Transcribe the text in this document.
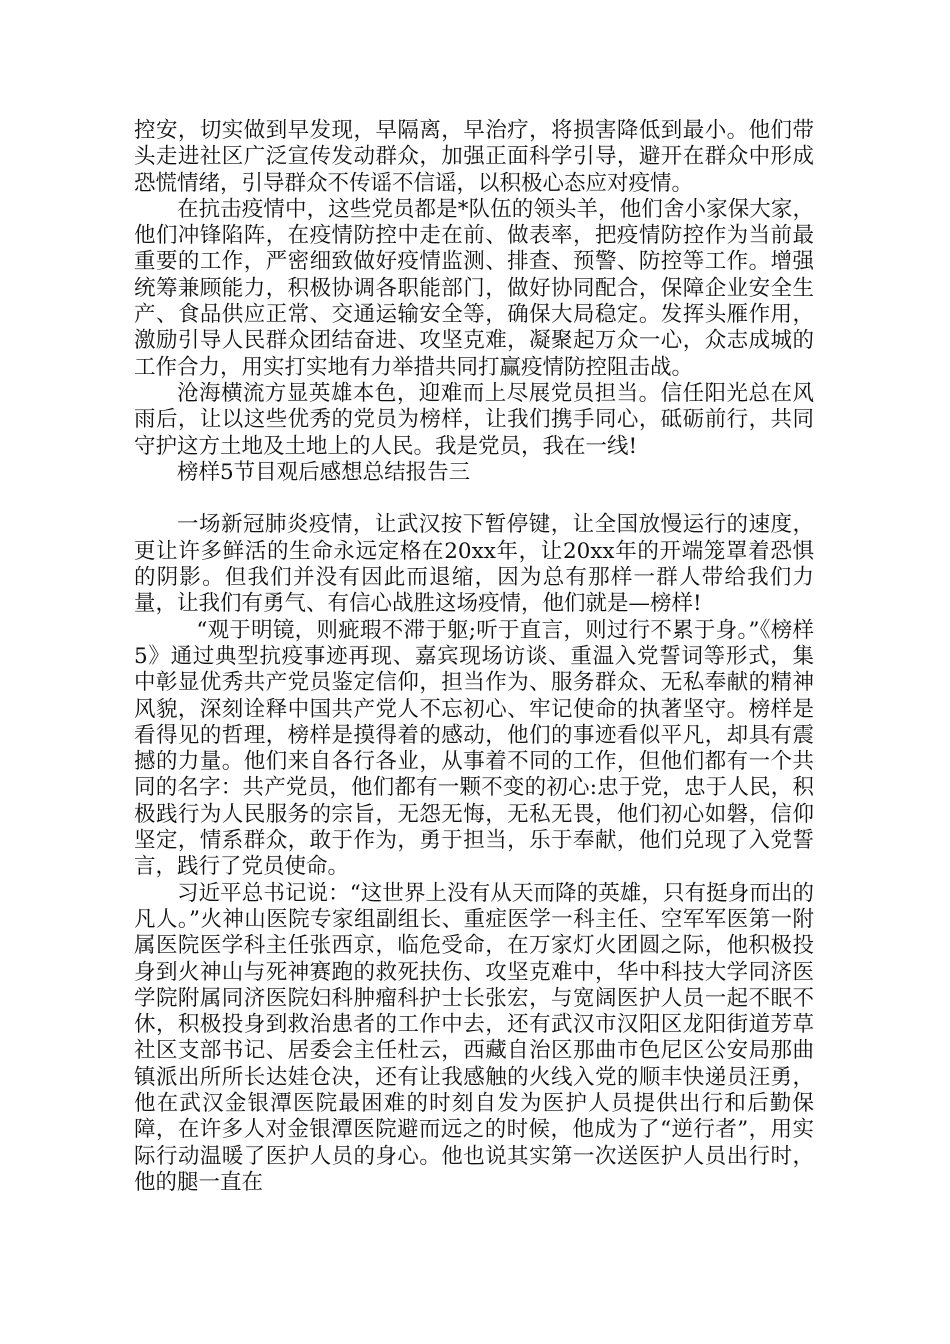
控安，切实做到早发现，早隔离，早治疗，将损害降低到最小。他们带头走进社区广泛宣传发动群众，加强正面科学引导，避开在群众中形成恐慌情绪，引导群众不传谣不信谣，以积极心态应对疫情。

在抗击疫情中，这些党员都是*队伍的领头羊，他们舍小家保大家，他们冲锋陷阵，在疫情防控中走在前、做表率，把疫情防控作为当前最重要的工作，严密细致做好疫情监测、排查、预警、防控等工作。增强统筹兼顾能力，积极协调各职能部门，做好协同配合，保障企业安全生产、食品供应正常、交通运输安全等，确保大局稳定。发挥头雁作用，激励引导人民群众团结奋进、攻坚克难，凝聚起万众一心，众志成城的工作合力，用实打实地有力举措共同打赢疫情防控阻击战。

沧海横流方显英雄本色，迎难而上尽展党员担当。信任阳光总在风雨后，让以这些优秀的党员为榜样，让我们携手同心，砥砺前行，共同守护这方土地及土地上的人民。我是党员，我在一线!

榜样5节目观后感想总结报告三

一场新冠肺炎疫情，让武汉按下暂停键，让全国放慢运行的速度，更让许多鲜活的生命永远定格在20xx年，让20xx年的开端笼罩着恐惧的阴影。但我们并没有因此而退缩，因为总有那样一群人带给我们力量，让我们有勇气、有信心战胜这场疫情，他们就是—榜样!

“观于明镜，则疵瑕不滞于躯;听于直言，则过行不累于身。”《榜样5》通过典型抗疫事迹再现、嘉宾现场访谈、重温入党誓词等形式，集中彰显优秀共产党员鉴定信仰，担当作为、服务群众、无私奉献的精神风貌，深刻诠释中国共产党人不忘初心、牢记使命的执著坚守。榜样是看得见的哲理，榜样是摸得着的感动，他们的事迹看似平凡，却具有震撼的力量。他们来自各行各业，从事着不同的工作，但他们都有一个共同的名字：共产党员，他们都有一颗不变的初心:忠于党，忠于人民，积极践行为人民服务的宗旨，无怨无悔，无私无畏，他们初心如磐，信仰坚定，情系群众，敢于作为，勇于担当，乐于奉献，他们兑现了入党誓言，践行了党员使命。

习近平总书记说：“这世界上没有从天而降的英雄，只有挺身而出的凡人。”火神山医院专家组副组长、重症医学一科主任、空军军医第一附属医院医学科主任张西京，临危受命，在万家灯火团圆之际，他积极投身到火神山与死神赛跑的救死扶伤、攻坚克难中，华中科技大学同济医学院附属同济医院妇科肿瘤科护士长张宏，与宽阔医护人员一起不眠不休，积极投身到救治患者的工作中去，还有武汉市汉阳区龙阳街道芳草社区支部书记、居委会主任杜云，西藏自治区那曲市色尼区公安局那曲镇派出所所长达娃仓决，还有让我感触的火线入党的顺丰快递员汪勇，他在武汉金银潭医院最困难的时刻自发为医护人员提供出行和后勤保障，在许多人对金银潭医院避而远之的时候，他成为了“逆行者”，用实际行动温暖了医护人员的身心。他也说其实第一次送医护人员出行时，他的腿一直在
